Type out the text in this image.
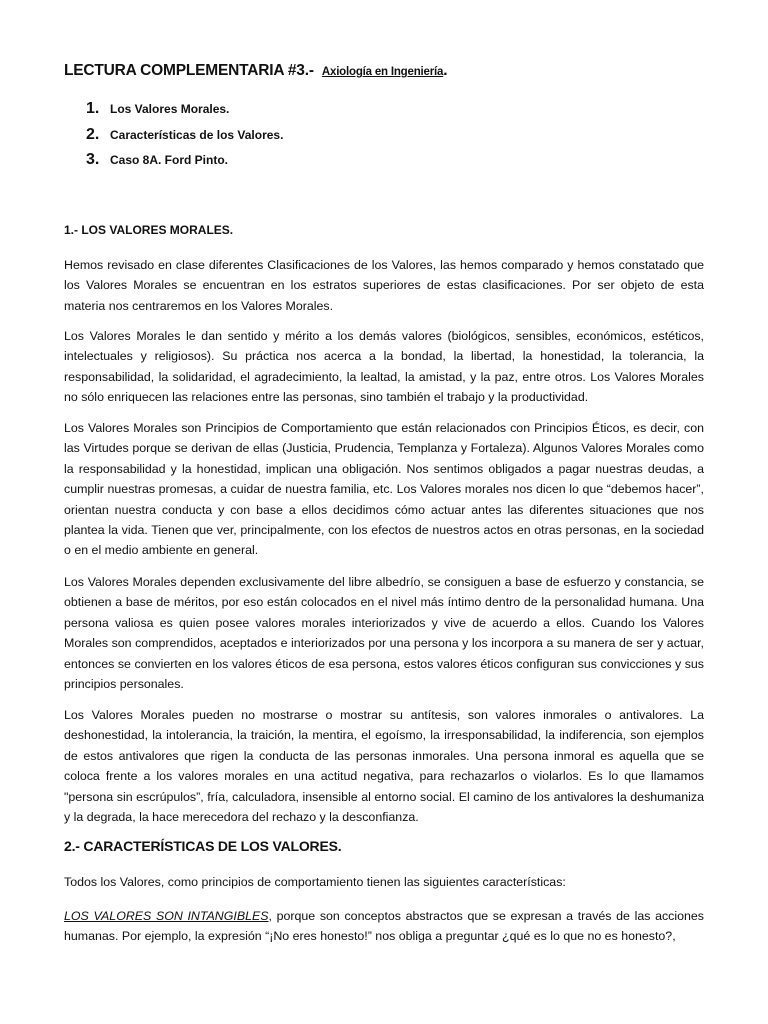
LECTURA COMPLEMENTARIA #3.- Axiología en Ingeniería.
1. Los Valores Morales.
2. Características de los Valores.
3. Caso 8A. Ford Pinto.
1.- LOS VALORES MORALES.

Hemos revisado en clase diferentes Clasificaciones de los Valores, las hemos comparado y hemos constatado que los Valores Morales se encuentran en los estratos superiores de estas clasificaciones. Por ser objeto de esta materia nos centraremos en los Valores Morales.

Los Valores Morales le dan sentido y mérito a los demás valores (biológicos, sensibles, económicos, estéticos, intelectuales y religiosos). Su práctica nos acerca a la bondad, la libertad, la honestidad, la tolerancia, la responsabilidad, la solidaridad, el agradecimiento, la lealtad, la amistad, y la paz, entre otros. Los Valores Morales no sólo enriquecen las relaciones entre las personas, sino también el trabajo y la productividad.

Los Valores Morales son Principios de Comportamiento que están relacionados con Principios Éticos, es decir, con las Virtudes porque se derivan de ellas (Justicia, Prudencia, Templanza y Fortaleza). Algunos Valores Morales como la responsabilidad y la honestidad, implican una obligación. Nos sentimos obligados a pagar nuestras deudas, a cumplir nuestras promesas, a cuidar de nuestra familia, etc. Los Valores morales nos dicen lo que “debemos hacer”, orientan nuestra conducta y con base a ellos decidimos cómo actuar antes las diferentes situaciones que nos plantea la vida. Tienen que ver, principalmente, con los efectos de nuestros actos en otras personas, en la sociedad o en el medio ambiente en general.

Los Valores Morales dependen exclusivamente del libre albedrío, se consiguen a base de esfuerzo y constancia, se obtienen a base de méritos, por eso están colocados en el nivel más íntimo dentro de la personalidad humana. Una persona valiosa es quien posee valores morales interiorizados y vive de acuerdo a ellos. Cuando los Valores Morales son comprendidos, aceptados e interiorizados por una persona y los incorpora a su manera de ser y actuar, entonces se convierten en los valores éticos de esa persona, estos valores éticos configuran sus convicciones y sus principios personales.

Los Valores Morales pueden no mostrarse o mostrar su antítesis, son valores inmorales o antivalores. La deshonestidad, la intolerancia, la traición, la mentira, el egoísmo, la irresponsabilidad, la indiferencia, son ejemplos de estos antivalores que rigen la conducta de las personas inmorales. Una persona inmoral es aquella que se coloca frente a los valores morales en una actitud negativa, para rechazarlos o violarlos. Es lo que llamamos "persona sin escrúpulos”, fría, calculadora, insensible al entorno social. El camino de los antivalores la deshumaniza y la degrada, la hace merecedora del rechazo y la desconfianza.

2.- CARACTERÍSTICAS DE LOS VALORES.

Todos los Valores, como principios de comportamiento tienen las siguientes características:

LOS VALORES SON INTANGIBLES, porque son conceptos abstractos que se expresan a través de las acciones humanas. Por ejemplo, la expresión “¡No eres honesto!” nos obliga a preguntar ¿qué es lo que no es honesto?,
